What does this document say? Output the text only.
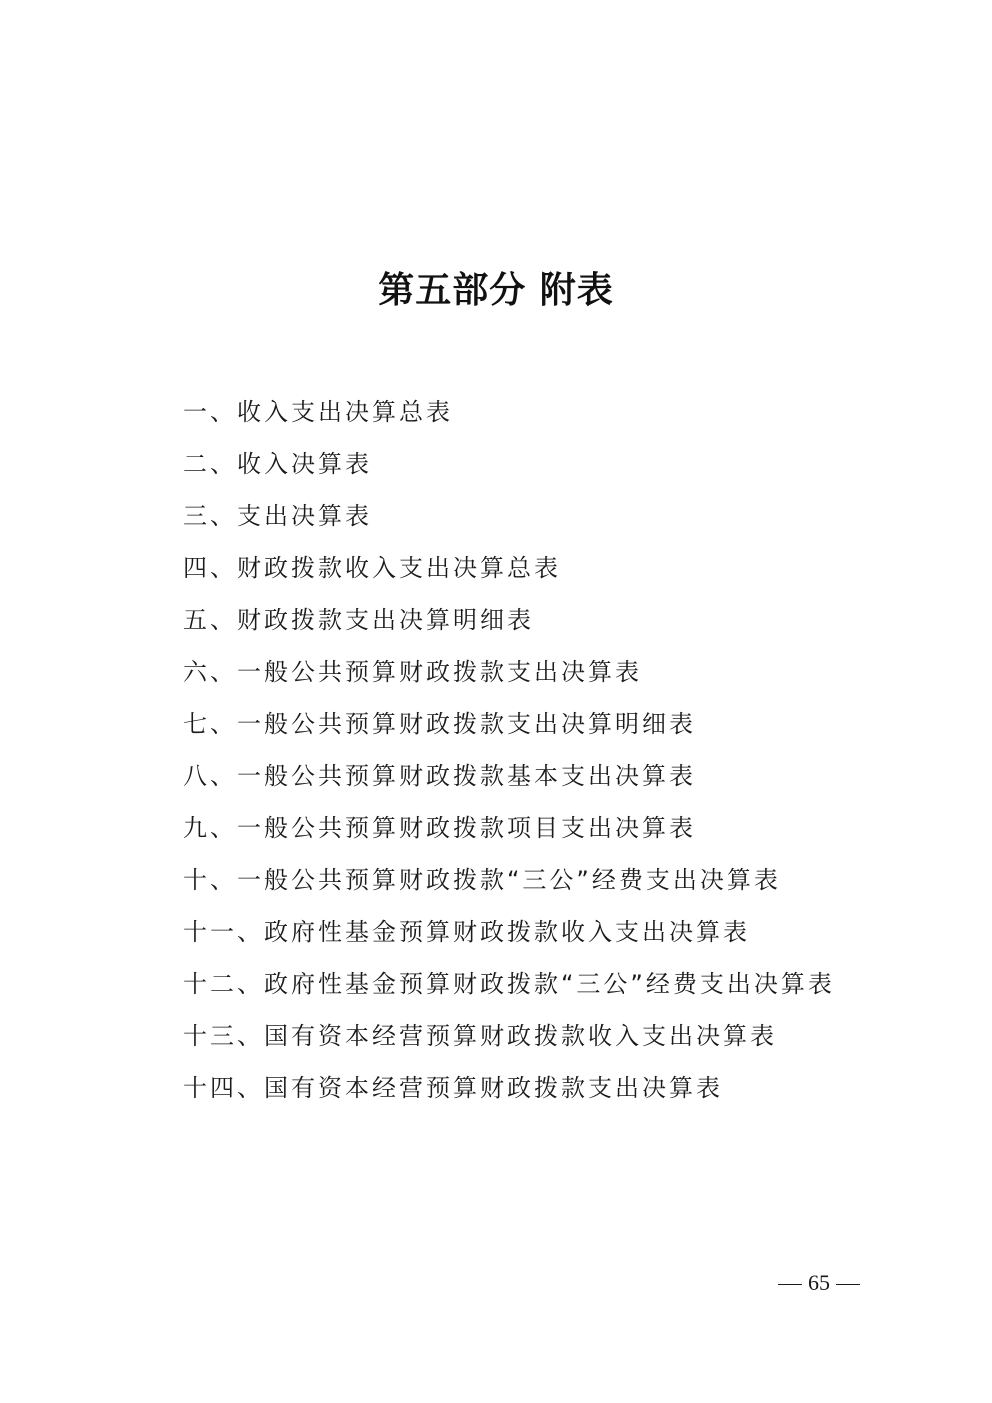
第五部分 附表
一、收入支出决算总表
二、收入决算表
三、支出决算表
四、财政拨款收入支出决算总表
五、财政拨款支出决算明细表
六、一般公共预算财政拨款支出决算表
七、一般公共预算财政拨款支出决算明细表
八、一般公共预算财政拨款基本支出决算表
九、一般公共预算财政拨款项目支出决算表
十、一般公共预算财政拨款“三公”经费支出决算表
十一、政府性基金预算财政拨款收入支出决算表
十二、政府性基金预算财政拨款“三公”经费支出决算表
十三、国有资本经营预算财政拨款收入支出决算表
十四、国有资本经营预算财政拨款支出决算表
65
